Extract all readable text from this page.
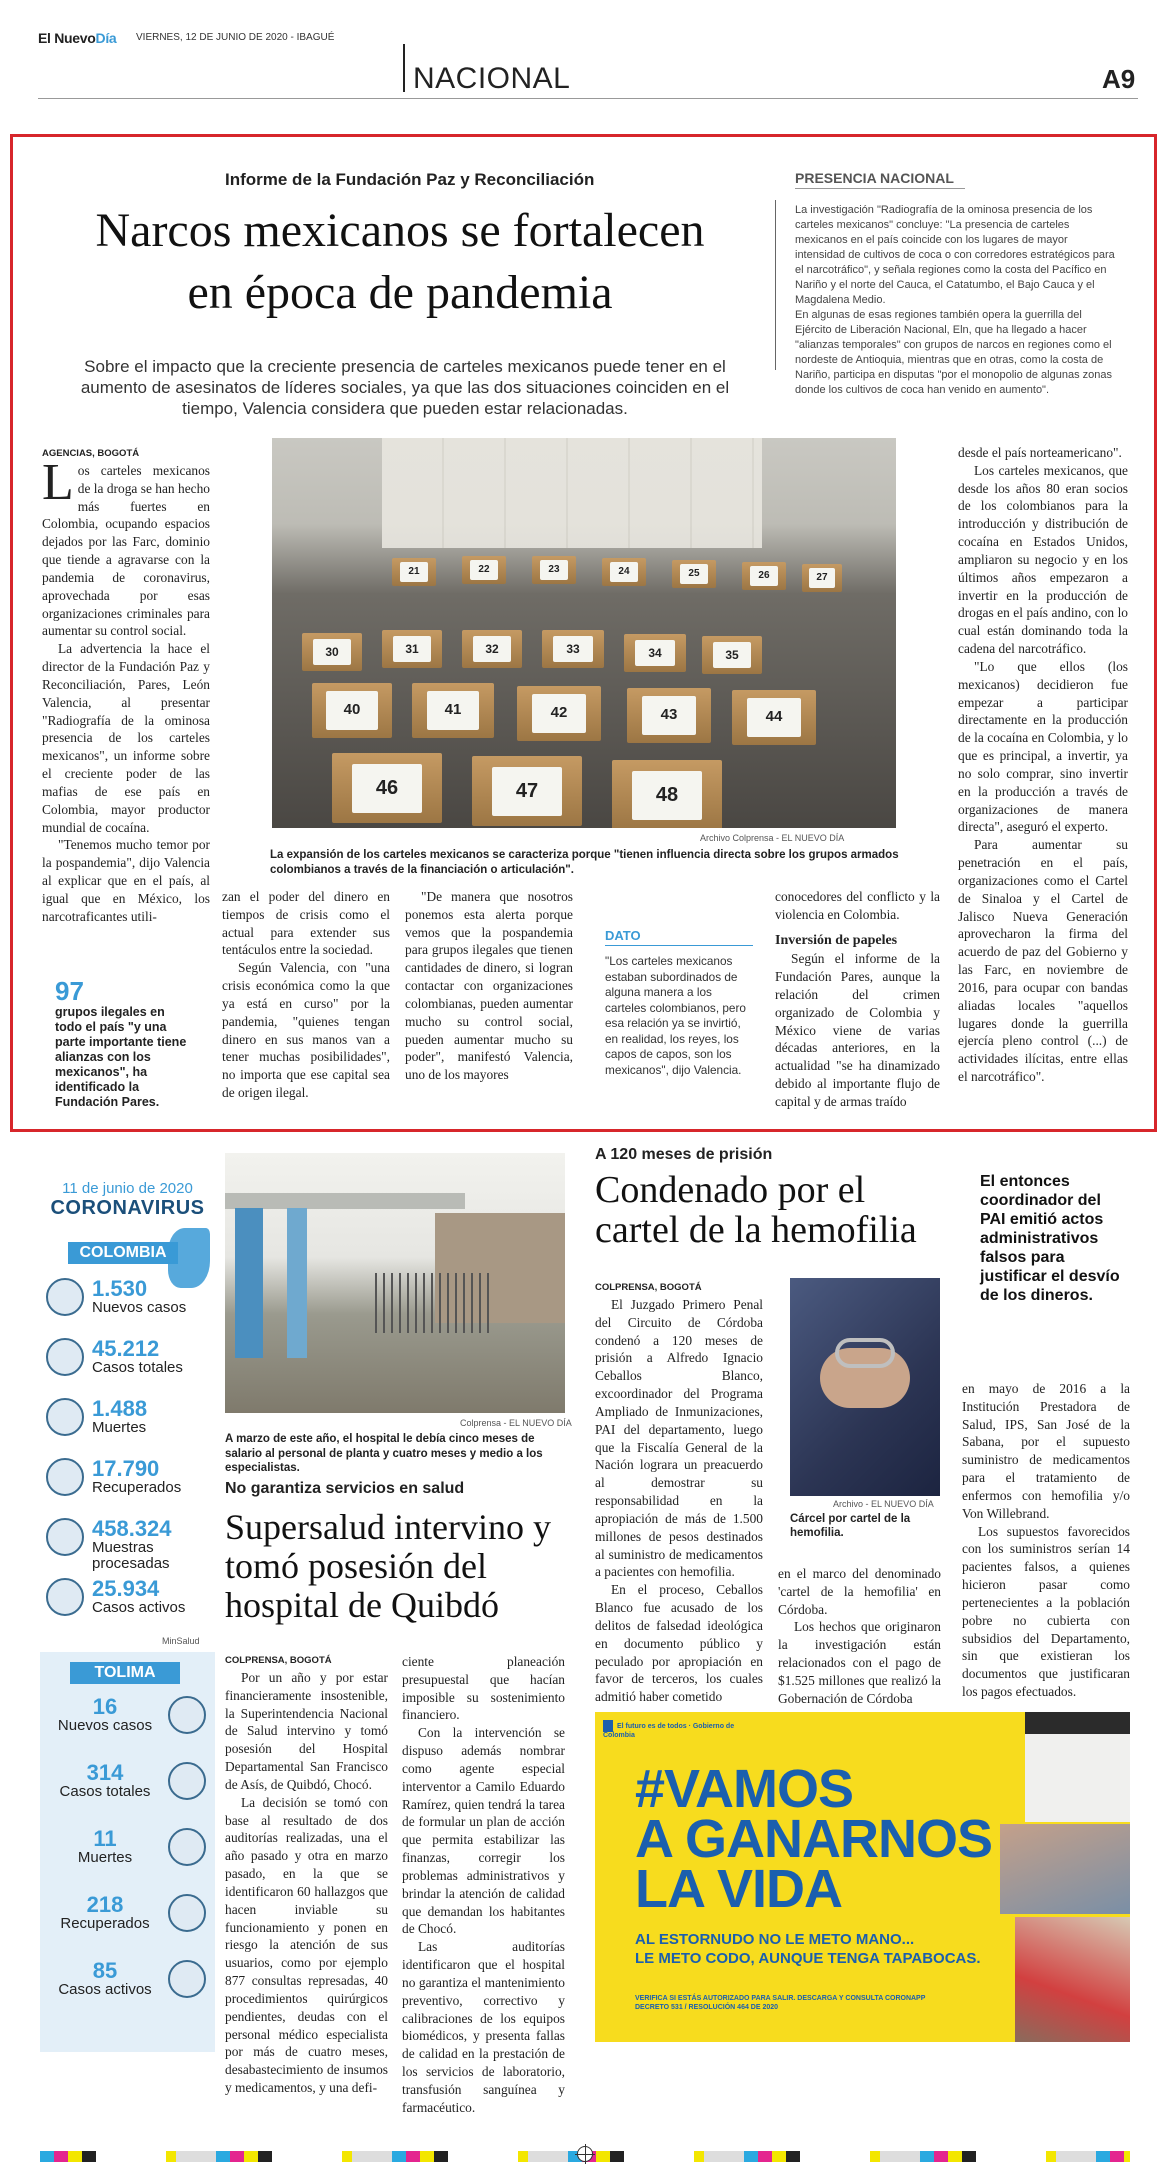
El NuevoDía VIERNES, 12 DE JUNIO DE 2020 - IBAGUÉ
NACIONAL	A9
Informe de la Fundación Paz y Reconciliación
Narcos mexicanos se fortalecen
en época de pandemia
Sobre el impacto que la creciente presencia de carteles mexicanos puede tener en el aumento de asesinatos de líderes sociales, ya que las dos situaciones coinciden en el tiempo, Valencia considera que pueden estar relacionadas.
PRESENCIA NACIONAL

La investigación "Radiografía de la ominosa presencia de los carteles mexicanos" concluye: "La presencia de carteles mexicanos en el país coincide con los lugares de mayor intensidad de cultivos de coca o con corredores estratégicos para el narcotráfico", y señala regiones como la costa del Pacífico en Nariño y el norte del Cauca, el Catatumbo, el Bajo Cauca y el Magdalena Medio.

En algunas de esas regiones también opera la guerrilla del Ejército de Liberación Nacional, Eln, que ha llegado a hacer "alianzas temporales" con grupos de narcos en regiones como el nordeste de Antioquia, mientras que en otras, como la costa de Nariño, participa en disputas "por el monopolio de algunas zonas donde los cultivos de coca han venido en aumento".

30	31	32	33	34	35
40	41	42	43	44
46	47	48
21	22	23	24	25	26	27
Archivo Colprensa - EL NUEVO DÍA
La expansión de los carteles mexicanos se caracteriza porque "tienen influencia directa sobre los grupos armados colombianos a través de la financiación o articulación".
AGENCIAS, BOGOTÁ

Los carteles mexicanos de la droga se han hecho más fuertes en Colombia, ocupando espacios dejados por las Farc, dominio que tiende a agravarse con la pandemia de coronavirus, aprovechada por esas organizaciones criminales para aumentar su control social.

La advertencia la hace el director de la Fundación Paz y Reconciliación, Pares, León Valencia, al presentar "Radiografía de la ominosa presencia de los carteles mexicanos", un informe sobre el creciente poder de las mafias de ese país en Colombia, mayor productor mundial de cocaína.

"Tenemos mucho temor por la pospandemia", dijo Valencia al explicar que en el país, al igual que en México, los narcotraficantes utili-

97
grupos ilegales en todo el país "y una parte importante tiene alianzas con los mexicanos", ha identificado la Fundación Pares.

zan el poder del dinero en tiempos de crisis como el actual para extender sus tentáculos entre la sociedad.

Según Valencia, con "una crisis económica como la que ya está en curso" por la pandemia, "quienes tengan dinero en sus manos van a tener muchas posibilidades", no importa que ese capital sea de origen ilegal.

"De manera que nosotros ponemos esta alerta porque vemos que la pospandemia para grupos ilegales que tienen cantidades de dinero, si logran contactar con organizaciones colombianas, pueden aumentar mucho su control social, pueden aumentar mucho su poder", manifestó Valencia, uno de los mayores

DATO
"Los carteles mexicanos estaban subordinados de alguna manera a los carteles colombianos, pero esa relación ya se invirtió, en realidad, los reyes, los capos de capos, son los mexicanos", dijo Valencia.

conocedores del conflicto y la violencia en Colombia.

Inversión de papeles

Según el informe de la Fundación Pares, aunque la relación del crimen organizado de Colombia y México viene de varias décadas anteriores, en la actualidad "se ha dinamizado debido al importante flujo de capital y de armas traído

desde el país norteamericano".

Los carteles mexicanos, que desde los años 80 eran socios de los colombianos para la introducción y distribución de cocaína en Estados Unidos, ampliaron su negocio y en los últimos años empezaron a invertir en la producción de drogas en el país andino, con lo cual están dominando toda la cadena del narcotráfico.

"Lo que ellos (los mexicanos) decidieron fue empezar a participar directamente en la producción de la cocaína en Colombia, y lo que es principal, a invertir, ya no solo comprar, sino invertir en la producción a través de organizaciones de manera directa", aseguró el experto.

Para aumentar su penetración en el país, organizaciones como el Cartel de Sinaloa y el Cartel de Jalisco Nueva Generación aprovecharon la firma del acuerdo de paz del Gobierno y las Farc, en noviembre de 2016, para ocupar con bandas aliadas locales "aquellos lugares donde la guerrilla ejercía pleno control (...) de actividades ilícitas, entre ellas el narcotráfico".

11 de junio de 2020
CORONAVIRUS
COLOMBIA
1.530
Nuevos casos
45.212
Casos totales
1.488
Muertes
17.790
Recuperados
458.324
Muestras procesadas
25.934
Casos activos
MinSalud
TOLIMA
16
Nuevos casos
314
Casos totales
11
Muertes
218
Recuperados
85
Casos activos
Colprensa - EL NUEVO DÍA
A marzo de este año, el hospital le debía cinco meses de salario al personal de planta y cuatro meses y medio a los especialistas.
No garantiza servicios en salud
Supersalud intervino y tomó posesión del hospital de Quibdó
COLPRENSA, BOGOTÁ

Por un año y por estar financieramente insostenible, la Superintendencia Nacional de Salud intervino y tomó posesión del Hospital Departamental San Francisco de Asís, de Quibdó, Chocó.

La decisión se tomó con base al resultado de dos auditorías realizadas, una el año pasado y otra en marzo pasado, en la que se identificaron 60 hallazgos que hacen inviable su funcionamiento y ponen en riesgo la atención de sus usuarios, como por ejemplo 877 consultas represadas, 40 procedimientos quirúrgicos pendientes, deudas con el personal médico especialista por más de cuatro meses, desabastecimiento de insumos y medicamentos, y una defi-

ciente planeación presupuestal que hacían imposible su sostenimiento financiero.

Con la intervención se dispuso además nombrar como agente especial interventor a Camilo Eduardo Ramírez, quien tendrá la tarea de formular un plan de acción que permita estabilizar las finanzas, corregir los problemas administrativos y brindar la atención de calidad que demandan los habitantes de Chocó.

Las auditorías identificaron que el hospital no garantiza el mantenimiento preventivo, correctivo y calibraciones de los equipos biomédicos, y presenta fallas de calidad en la prestación de los servicios de laboratorio, transfusión sanguínea y farmacéutico.

A 120 meses de prisión
Condenado por el cartel de la hemofilia
El entonces coordinador del PAI emitió actos administrativos falsos para justificar el desvío de los dineros.
COLPRENSA, BOGOTÁ

El Juzgado Primero Penal del Circuito de Córdoba condenó a 120 meses de prisión a Alfredo Ignacio Ceballos Blanco, excoordinador del Programa Ampliado de Inmunizaciones, PAI del departamento, luego que la Fiscalía General de la Nación lograra un preacuerdo al demostrar su responsabilidad en la apropiación de más de 1.500 millones de pesos destinados al suministro de medicamentos a pacientes con hemofilia.

En el proceso, Ceballos Blanco fue acusado de los delitos de falsedad ideológica en documento público y peculado por apropiación en favor de terceros, los cuales admitió haber cometido

Archivo - EL NUEVO DÍA
Cárcel por cartel de la hemofilia.

en el marco del denominado 'cartel de la hemofilia' en Córdoba.

Los hechos que originaron la investigación están relacionados con el pago de $1.525 millones que realizó la Gobernación de Córdoba

en mayo de 2016 a la Institución Prestadora de Salud, IPS, San José de la Sabana, por el supuesto suministro de medicamentos para el tratamiento de enfermos con hemofilia y/o Von Willebrand.

Los supuestos favorecidos con los suministros serían 14 pacientes falsos, a quienes hicieron pasar como pertenecientes a la población pobre no cubierta con subsidios del Departamento, sin que existieran los documentos que justificaran los pagos efectuados.

El futuro es de todos · Gobierno de Colombia
#VAMOS
A GANARNOS
LA VIDA
AL ESTORNUDO NO LE METO MANO...
LE METO CODO, AUNQUE TENGA TAPABOCAS.
VERIFICA SI ESTÁS AUTORIZADO PARA SALIR. DESCARGA Y CONSULTA CORONAPP
DECRETO 531 / RESOLUCIÓN 464 DE 2020
